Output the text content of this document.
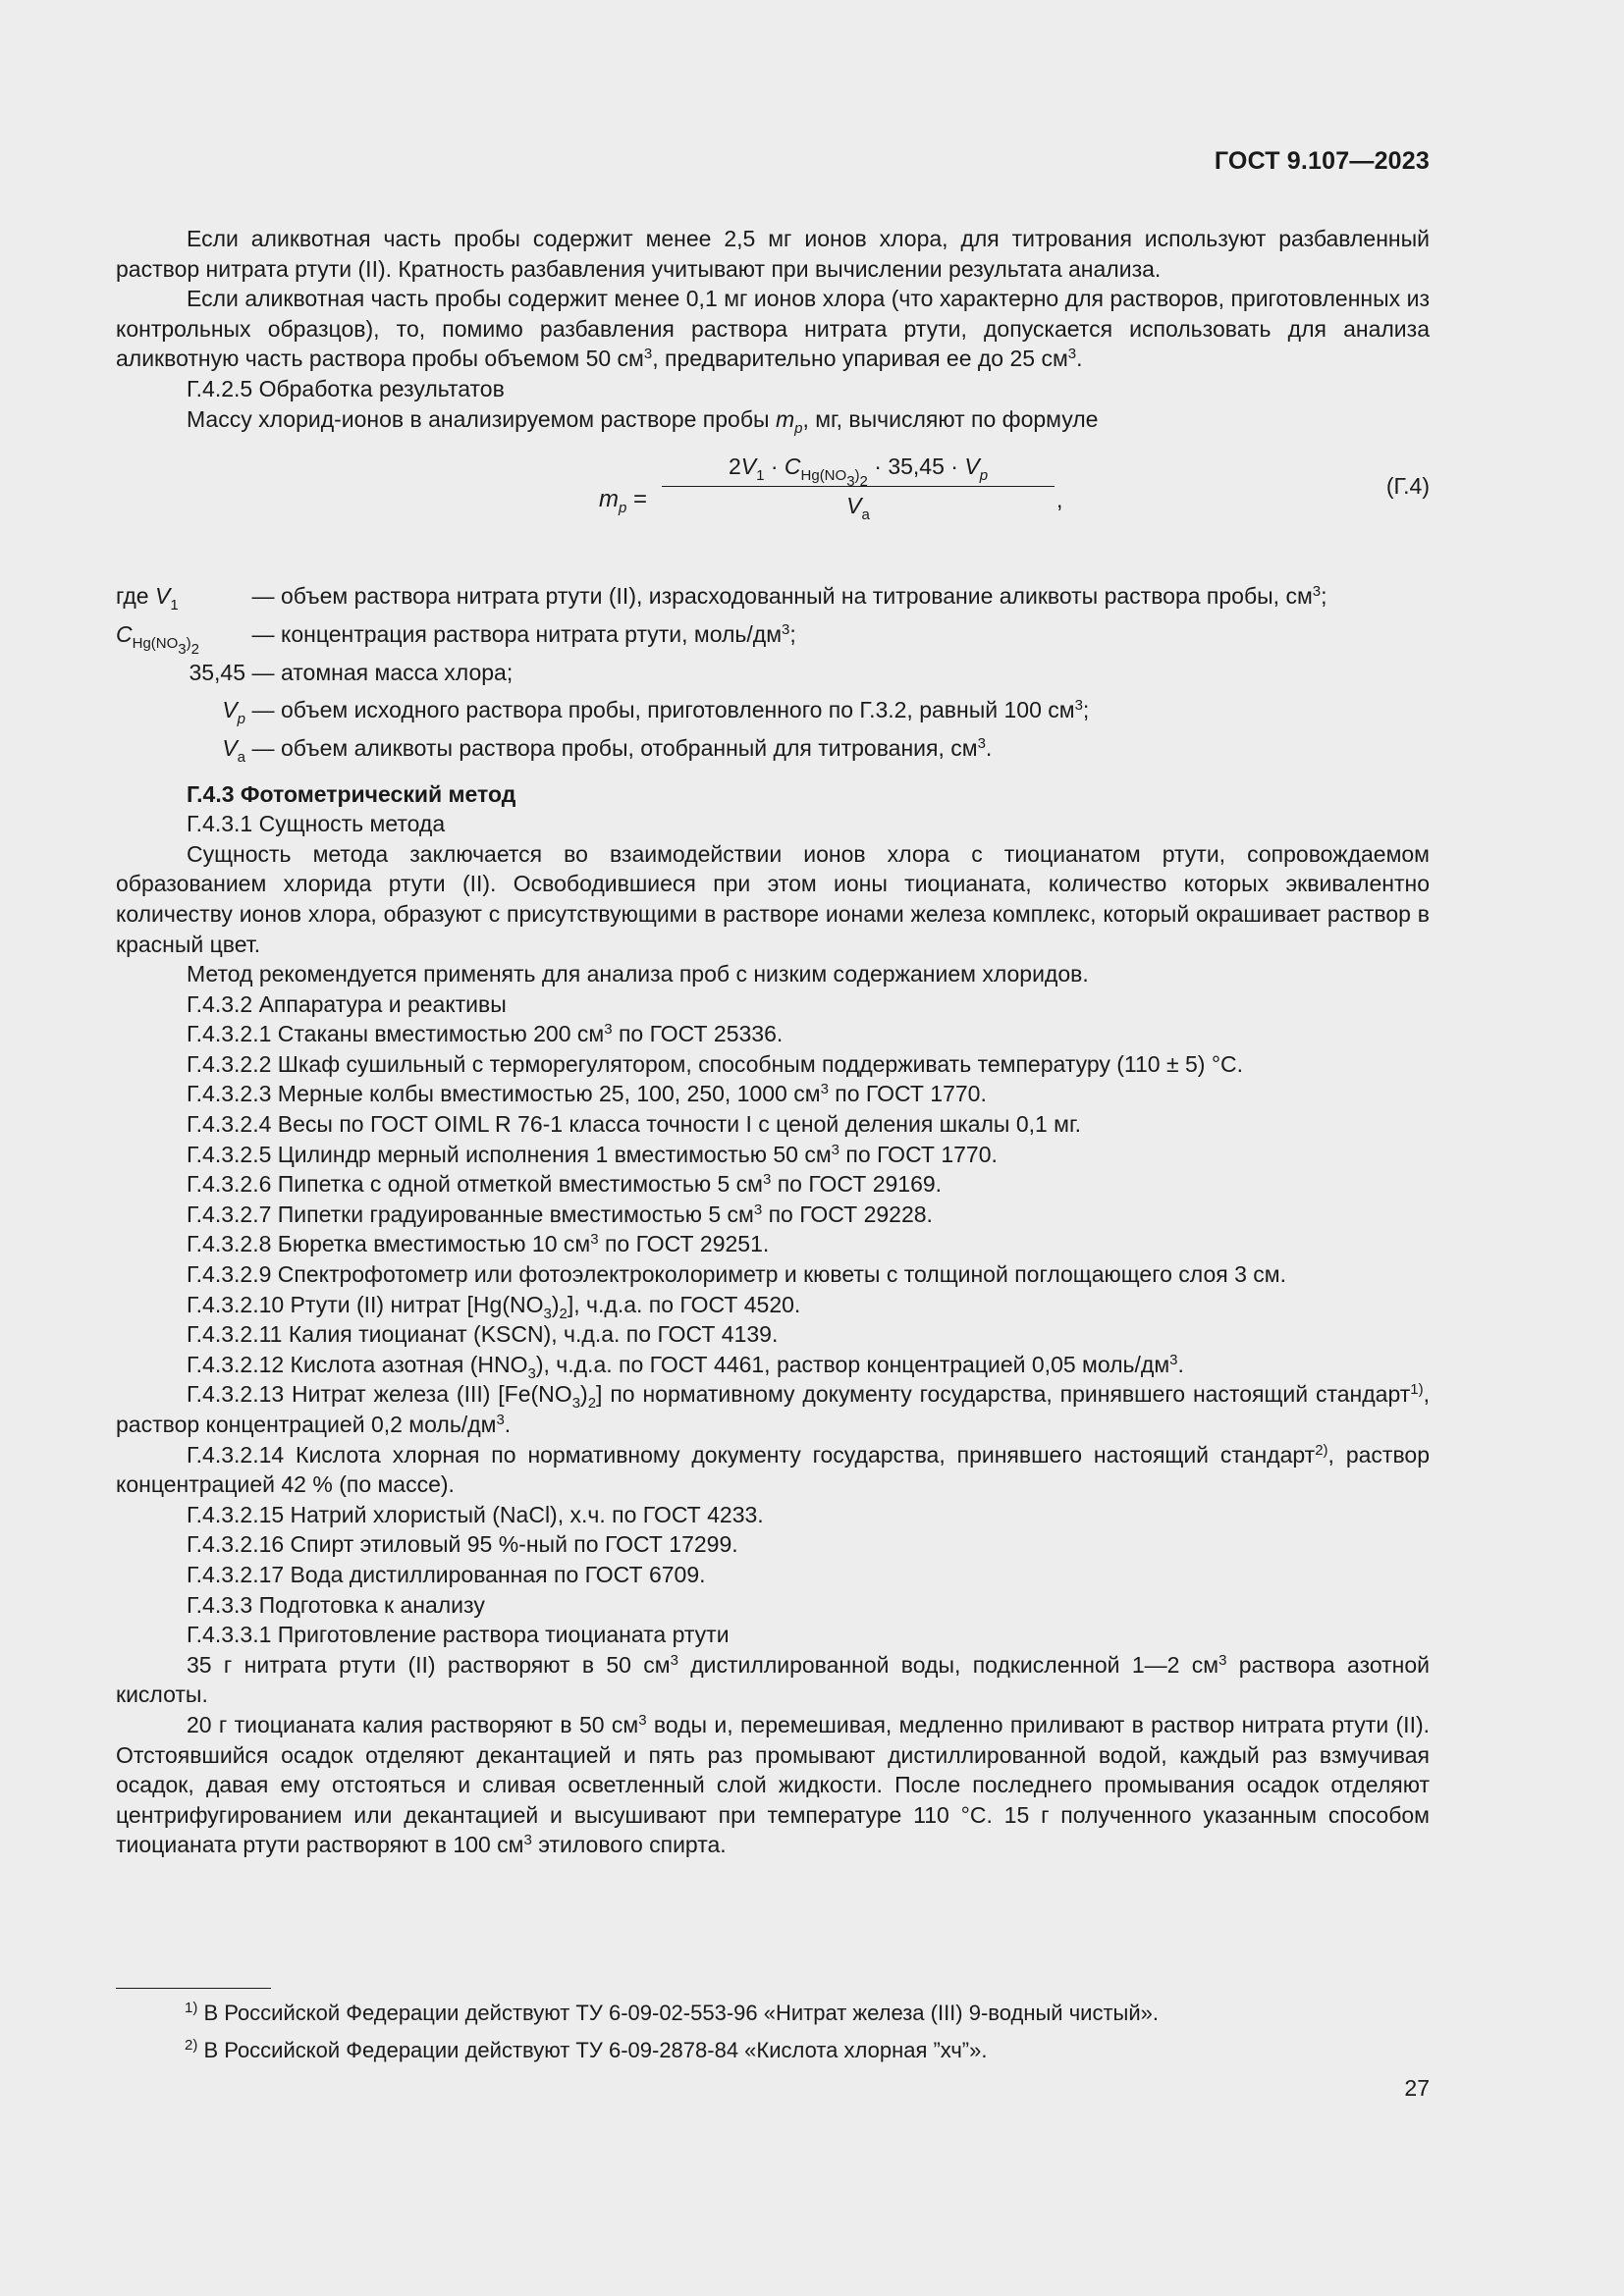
ГОСТ 9.107—2023

Если аликвотная часть пробы содержит менее 2,5 мг ионов хлора, для титрования используют разбавленный раствор нитрата ртути (II). Кратность разбавления учитывают при вычислении результата анализа.

Если аликвотная часть пробы содержит менее 0,1 мг ионов хлора (что характерно для растворов, приготовленных из контрольных образцов), то, помимо разбавления раствора нитрата ртути, допускается использовать для анализа аликвотную часть раствора пробы объемом 50 $см^3$, предварительно упаривая ее до 25 $см^3$.

Г.4.2.5 Обработка результатов

Массу хлорид-ионов в анализируемом растворе пробы $m_p$, мг, вычисляют по формуле

$m_p$ =
$2V_1 \cdot C_{Hg(NO_3)_2} \cdot 35,45 \cdot V_p$
$V_a$
,
(Г.4)
где $V_1$	— объем раствора нитрата ртути (II), израсходованный на титрование аликвоты раствора пробы, $см^3$;
$C_{Hg(NO_3)_2}$
— концентрация раствора нитрата ртути, моль/$дм^3$;
35,45 — атомная масса хлора;
$V_p$ — объем исходного раствора пробы, приготовленного по Г.3.2, равный 100 $см^3$;
$V_a$ — объем аликвоты раствора пробы, отобранный для титрования, $см^3$.

Г.4.3 Фотометрический метод

Г.4.3.1 Сущность метода

Сущность метода заключается во взаимодействии ионов хлора с тиоцианатом ртути, сопровождаемом образованием хлорида ртути (II). Освободившиеся при этом ионы тиоцианата, количество которых эквивалентно количеству ионов хлора, образуют с присутствующими в растворе ионами железа комплекс, который окрашивает раствор в красный цвет.

Метод рекомендуется применять для анализа проб с низким содержанием хлоридов.

Г.4.3.2 Аппаратура и реактивы

Г.4.3.2.1 Стаканы вместимостью 200 $см^3$ по ГОСТ 25336.

Г.4.3.2.2 Шкаф сушильный с терморегулятором, способным поддерживать температуру (110 ± 5) °С.

Г.4.3.2.3 Мерные колбы вместимостью 25, 100, 250, 1000 $см^3$ по ГОСТ 1770.

Г.4.3.2.4 Весы по ГОСТ OIML R 76-1 класса точности I с ценой деления шкалы 0,1 мг.

Г.4.3.2.5 Цилиндр мерный исполнения 1 вместимостью 50 $см^3$ по ГОСТ 1770.

Г.4.3.2.6 Пипетка с одной отметкой вместимостью 5 $см^3$ по ГОСТ 29169.

Г.4.3.2.7 Пипетки градуированные вместимостью 5 $см^3$ по ГОСТ 29228.

Г.4.3.2.8 Бюретка вместимостью 10 $см^3$ по ГОСТ 29251.

Г.4.3.2.9 Спектрофотометр или фотоэлектроколориметр и кюветы с толщиной поглощающего слоя 3 см.

Г.4.3.2.10 Ртути (II) нитрат $[Hg(NO_3)_2]$, ч.д.а. по ГОСТ 4520.

Г.4.3.2.11 Калия тиоцианат (KSCN), ч.д.а. по ГОСТ 4139.

Г.4.3.2.12 Кислота азотная $(HNO_3)$, ч.д.а. по ГОСТ 4461, раствор концентрацией 0,05 моль/$дм^3$.

Г.4.3.2.13 Нитрат железа (III) $[Fe(NO_3)_2]$ по нормативному документу государства, принявшего настоящий стандарт$^{1)}$, раствор концентрацией 0,2 моль/$дм^3$.

Г.4.3.2.14 Кислота хлорная по нормативному документу государства, принявшего настоящий стандарт$^{2)}$, раствор концентрацией 42 % (по массе).

Г.4.3.2.15 Натрий хлористый (NaCl), х.ч. по ГОСТ 4233.

Г.4.3.2.16 Спирт этиловый 95 %-ный по ГОСТ 17299.

Г.4.3.2.17 Вода дистиллированная по ГОСТ 6709.

Г.4.3.3 Подготовка к анализу

Г.4.3.3.1 Приготовление раствора тиоцианата ртути

35 г нитрата ртути (II) растворяют в 50 $см^3$ дистиллированной воды, подкисленной 1—2 $см^3$ раствора азотной кислоты.

20 г тиоцианата калия растворяют в 50 $см^3$ воды и, перемешивая, медленно приливают в раствор нитрата ртути (II). Отстоявшийся осадок отделяют декантацией и пять раз промывают дистиллированной водой, каждый раз взмучивая осадок, давая ему отстояться и сливая осветленный слой жидкости. После последнего промывания осадок отделяют центрифугированием или декантацией и высушивают при температуре 110 °С. 15 г полученного указанным способом тиоцианата ртути растворяют в 100 $см^3$ этилового спирта.

$^{1)}$ В Российской Федерации действуют ТУ 6-09-02-553-96 «Нитрат железа (III) 9-водный чистый».

$^{2)}$ В Российской Федерации действуют ТУ 6-09-2878-84 «Кислота хлорная ”хч”».

27
